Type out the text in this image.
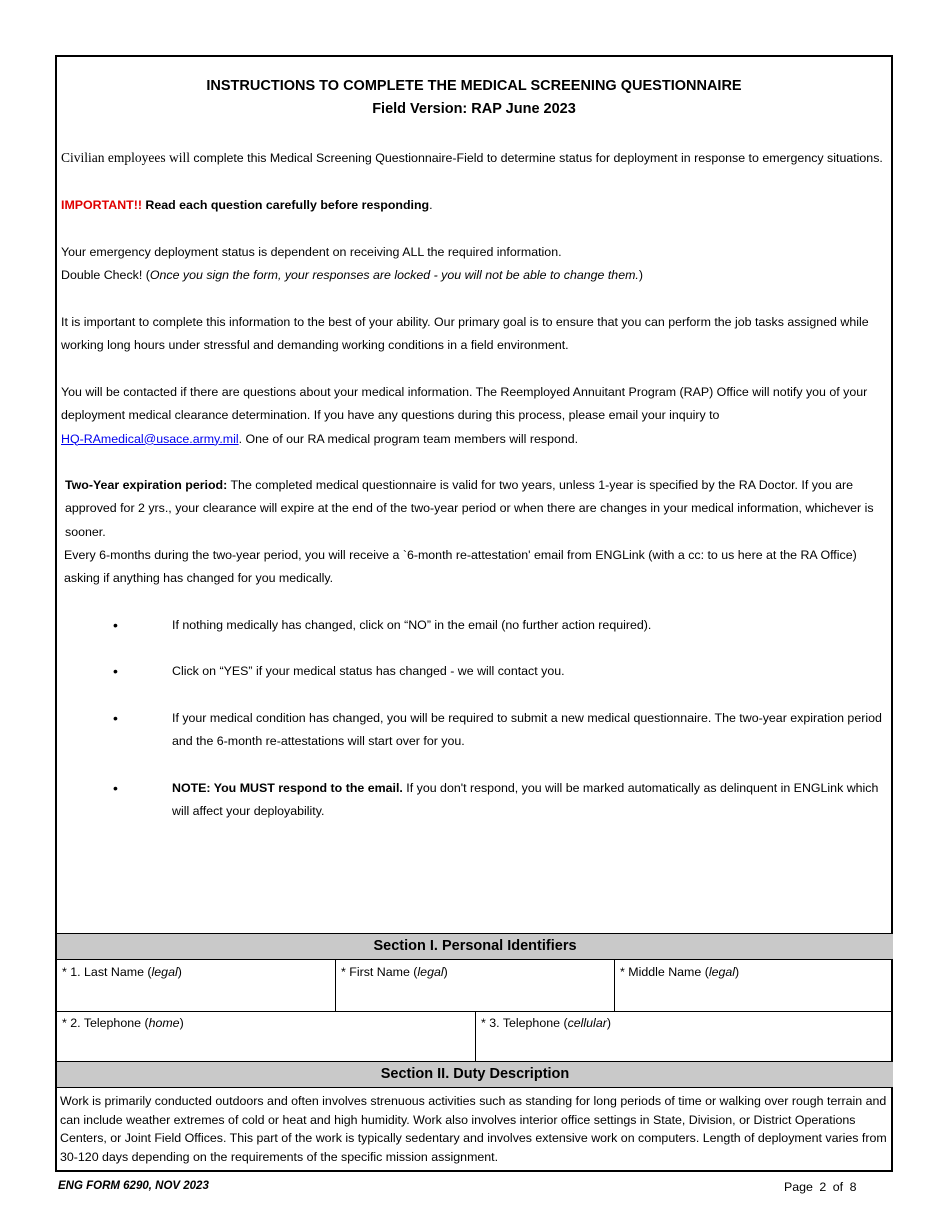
INSTRUCTIONS TO COMPLETE THE MEDICAL SCREENING QUESTIONNAIRE
Field Version: RAP June 2023
Civilian employees will complete this Medical Screening Questionnaire-Field to determine status for deployment in response to emergency situations.
IMPORTANT!! Read each question carefully before responding.
Your emergency deployment status is dependent on receiving ALL the required information.
Double Check! (Once you sign the form, your responses are locked - you will not be able to change them.)
It is important to complete this information to the best of your ability. Our primary goal is to ensure that you can perform the job tasks assigned while working long hours under stressful and demanding working conditions in a field environment.
You will be contacted if there are questions about your medical information. The Reemployed Annuitant Program (RAP) Office will notify you of your deployment medical clearance determination. If you have any questions during this process, please email your inquiry to
HQ-RAmedical@usace.army.mil. One of our RA medical program team members will respond.
Two-Year expiration period: The completed medical questionnaire is valid for two years, unless 1-year is specified by the RA Doctor. If you are approved for 2 yrs., your clearance will expire at the end of the two-year period or when there are changes in your medical information, whichever is sooner.
Every 6-months during the two-year period, you will receive a `6-month re-attestation' email from ENGLink (with a cc: to us here at the RA Office) asking if anything has changed for you medically.
•	If nothing medically has changed, click on “NO” in the email (no further action required).
•	Click on “YES” if your medical status has changed - we will contact you.
•	If your medical condition has changed, you will be required to submit a new medical questionnaire. The two-year expiration period and the 6-month re-attestations will start over for you.
•	NOTE: You MUST respond to the email. If you don't respond, you will be marked automatically as delinquent in ENGLink which will affect your deployability.
Section I. Personal Identifiers
* 1. Last Name (legal)	* First Name (legal)	* Middle Name (legal)
* 2. Telephone (home)	* 3. Telephone (cellular)
Section II. Duty Description
Work is primarily conducted outdoors and often involves strenuous activities such as standing for long periods of time or walking over rough terrain and can include weather extremes of cold or heat and high humidity. Work also involves interior office settings in State, Division, or District Operations Centers, or Joint Field Offices. This part of the work is typically sedentary and involves extensive work on computers. Length of deployment varies from 30-120 days depending on the requirements of the specific mission assignment.
ENG FORM 6290, NOV 2023	Page 2 of 8
